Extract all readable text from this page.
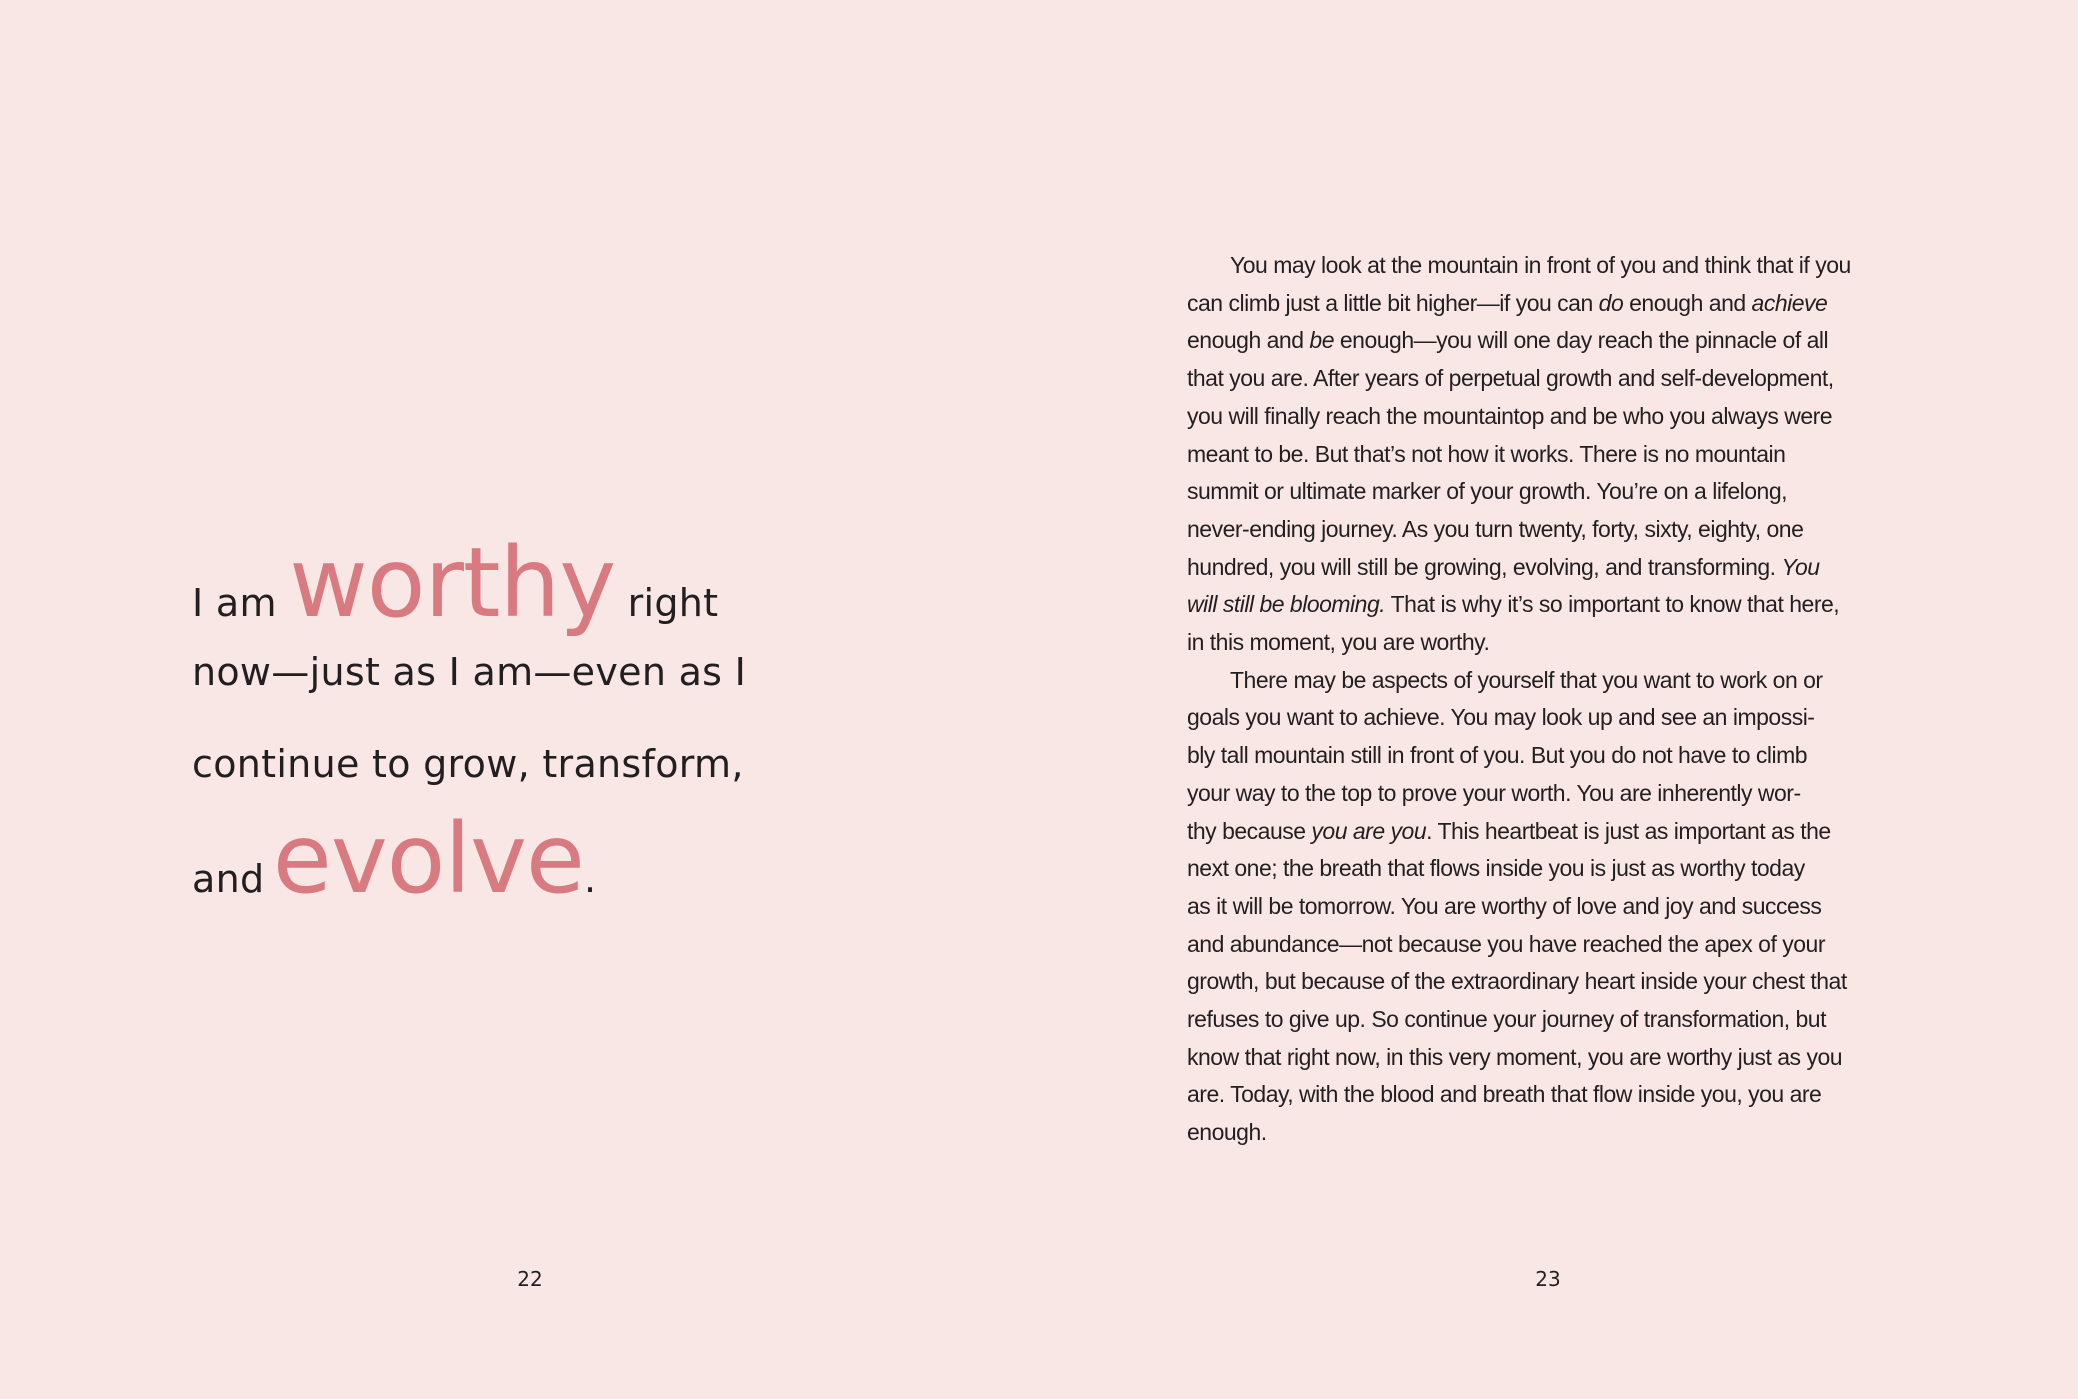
I am worthy right
now—just as I am—even as I
continue to grow, transform,
and evolve.
22
You may look at the mountain in front of you and think that if you
can climb just a little bit higher—if you can do enough and achieve
enough and be enough—you will one day reach the pinnacle of all
that you are. After years of perpetual growth and self-development,
you will finally reach the mountaintop and be who you always were
meant to be. But that’s not how it works. There is no mountain
summit or ultimate marker of your growth. You’re on a lifelong,
never-ending journey. As you turn twenty, forty, sixty, eighty, one
hundred, you will still be growing, evolving, and transforming. You
will still be blooming. That is why it’s so important to know that here,
in this moment, you are worthy.
There may be aspects of yourself that you want to work on or
goals you want to achieve. You may look up and see an impossi-
bly tall mountain still in front of you. But you do not have to climb
your way to the top to prove your worth. You are inherently wor-
thy because you are you. This heartbeat is just as important as the
next one; the breath that flows inside you is just as worthy today
as it will be tomorrow. You are worthy of love and joy and success
and abundance—not because you have reached the apex of your
growth, but because of the extraordinary heart inside your chest that
refuses to give up. So continue your journey of transformation, but
know that right now, in this very moment, you are worthy just as you
are. Today, with the blood and breath that flow inside you, you are
enough.
23
